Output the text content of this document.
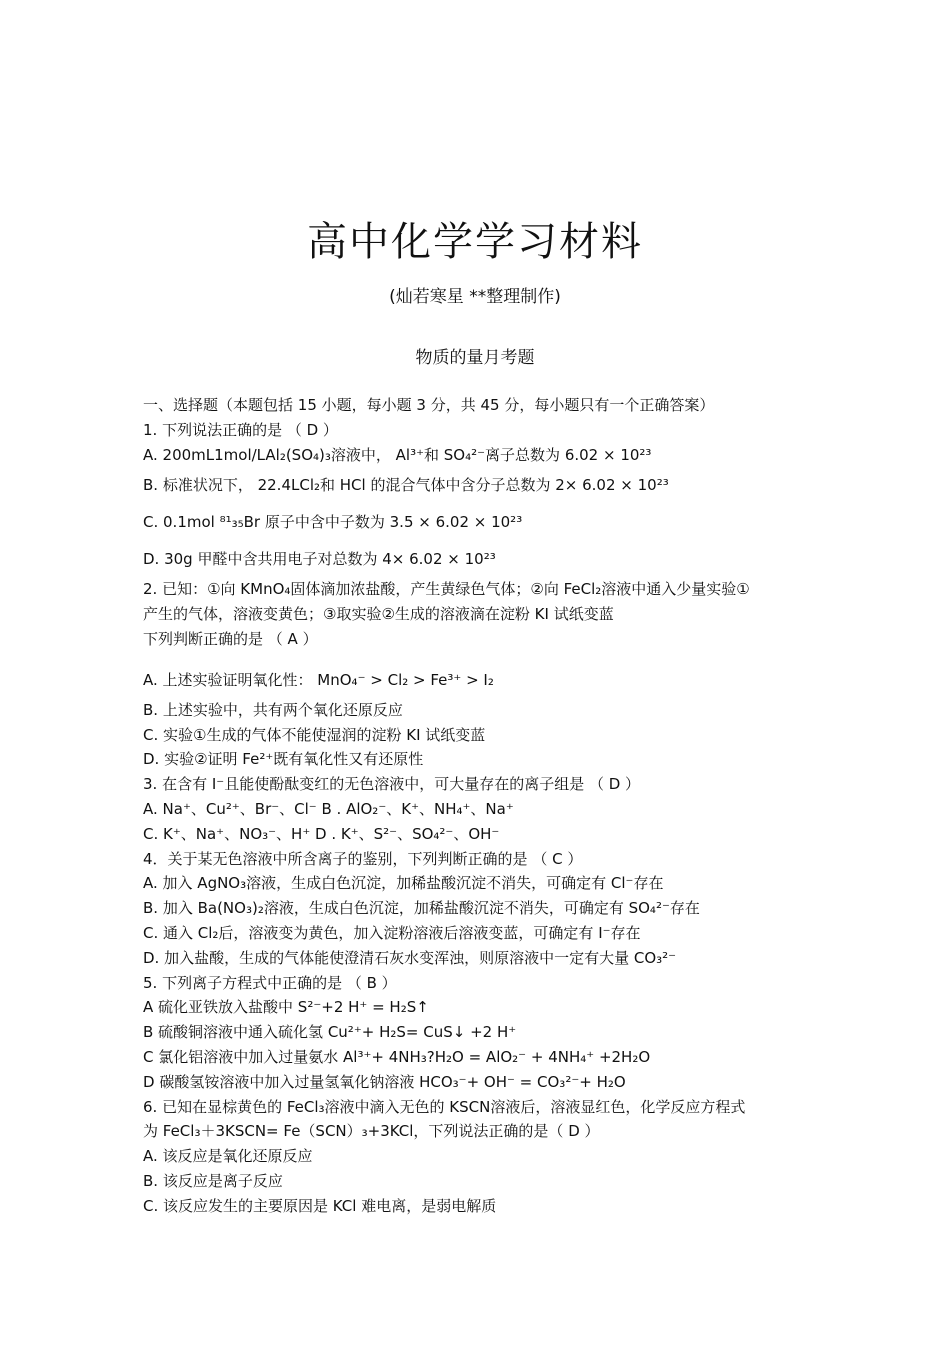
高中化学学习材料
(灿若寒星 **整理制作)
物质的量月考题
一、选择题（本题包括 15 小题，每小题 3 分，共 45 分，每小题只有一个正确答案）
1. 下列说法正确的是 （ D ）
A. 200mL1mol/LAl₂(SO₄)₃溶液中， Al³⁺和 SO₄²⁻离子总数为 6.02 × 10²³
B. 标准状况下， 22.4LCl₂和 HCl 的混合气体中含分子总数为 2× 6.02 × 10²³
C. 0.1mol ⁸¹₃₅Br 原子中含中子数为 3.5 × 6.02 × 10²³
D. 30g 甲醛中含共用电子对总数为 4× 6.02 × 10²³
2. 已知：①向 KMnO₄固体滴加浓盐酸，产生黄绿色气体；②向 FeCl₂溶液中通入少量实验①
产生的气体，溶液变黄色；③取实验②生成的溶液滴在淀粉 KI 试纸变蓝
下列判断正确的是 （ A ）
A. 上述实验证明氧化性： MnO₄⁻ > Cl₂ > Fe³⁺ > I₂
B. 上述实验中，共有两个氧化还原反应
C. 实验①生成的气体不能使湿润的淀粉 KI 试纸变蓝
D. 实验②证明 Fe²⁺既有氧化性又有还原性
3. 在含有 I⁻且能使酚酞变红的无色溶液中，可大量存在的离子组是 （ D ）
A. Na⁺、Cu²⁺、Br⁻、Cl⁻ B . AlO₂⁻、K⁺、NH₄⁺、Na⁺
C. K⁺、Na⁺、NO₃⁻、H⁺ D . K⁺、S²⁻、SO₄²⁻、OH⁻
4．关于某无色溶液中所含离子的鉴别，下列判断正确的是 （ C ）
A. 加入 AgNO₃溶液，生成白色沉淀，加稀盐酸沉淀不消失，可确定有 Cl⁻存在
B. 加入 Ba(NO₃)₂溶液，生成白色沉淀，加稀盐酸沉淀不消失，可确定有 SO₄²⁻存在
C. 通入 Cl₂后，溶液变为黄色，加入淀粉溶液后溶液变蓝，可确定有 I⁻存在
D. 加入盐酸，生成的气体能使澄清石灰水变浑浊，则原溶液中一定有大量 CO₃²⁻
5. 下列离子方程式中正确的是 （ B ）
A 硫化亚铁放入盐酸中 S²⁻+2 H⁺ = H₂S↑
B 硫酸铜溶液中通入硫化氢 Cu²⁺+ H₂S= CuS↓ +2 H⁺
C 氯化铝溶液中加入过量氨水 Al³⁺+ 4NH₃?H₂O = AlO₂⁻ + 4NH₄⁺ +2H₂O
D 碳酸氢铵溶液中加入过量氢氧化钠溶液 HCO₃⁻+ OH⁻ = CO₃²⁻+ H₂O
6. 已知在显棕黄色的 FeCl₃溶液中滴入无色的 KSCN溶液后，溶液显红色，化学反应方程式
为 FeCl₃＋3KSCN= Fe（SCN）₃+3KCl，下列说法正确的是（ D ）
A. 该反应是氧化还原反应
B. 该反应是离子反应
C. 该反应发生的主要原因是 KCl 难电离，是弱电解质
